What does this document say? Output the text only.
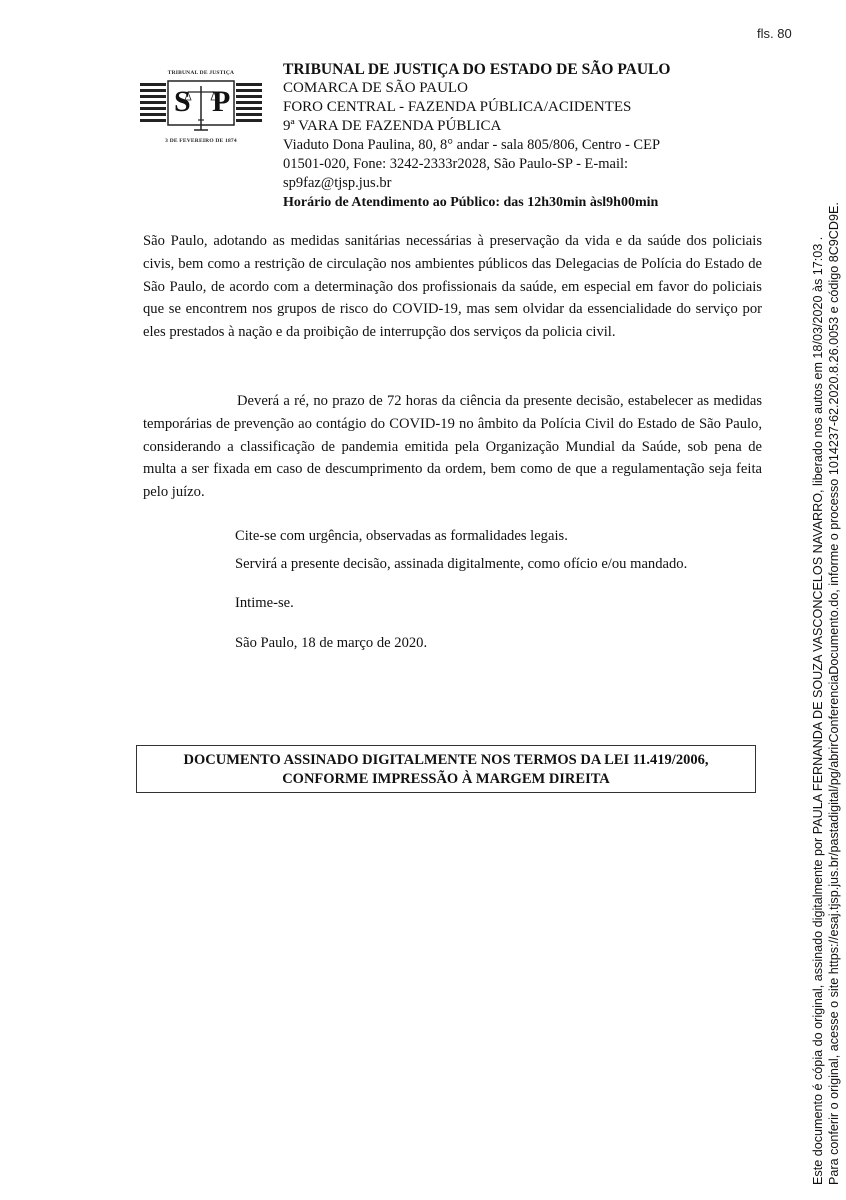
fls. 80
TRIBUNAL DE JUSTIÇA
S P
3 DE FEVEREIRO DE 1874
TRIBUNAL DE JUSTIÇA DO ESTADO DE SÃO PAULO
COMARCA DE SÃO PAULO
FORO CENTRAL - FAZENDA PÚBLICA/ACIDENTES
9ª VARA DE FAZENDA PÚBLICA
Viaduto Dona Paulina, 80, 8° andar - sala 805/806, Centro - CEP
01501-020, Fone: 3242-2333r2028, São Paulo-SP - E-mail:
sp9faz@tjsp.jus.br
Horário de Atendimento ao Público: das 12h30min àsl9h00min
São Paulo, adotando as medidas sanitárias necessárias à preservação da vida e da saúde dos policiais civis, bem como a restrição de circulação nos ambientes públicos das Delegacias de Polícia do Estado de São Paulo, de acordo com a determinação dos profissionais da saúde, em especial em favor do policiais que se encontrem nos grupos de risco do COVID-19, mas sem olvidar da essencialidade do serviço por eles prestados à nação e da proibição de interrupção dos serviços da policia civil.
Deverá a ré, no prazo de 72 horas da ciência da presente decisão, estabelecer as medidas temporárias de prevenção ao contágio do COVID-19 no âmbito da Polícia Civil do Estado de São Paulo, considerando a classificação de pandemia emitida pela Organização Mundial da Saúde, sob pena de multa a ser fixada em caso de descumprimento da ordem, bem como de que a regulamentação seja feita pelo juízo.
Cite-se com urgência, observadas as formalidades legais.
Servirá a presente decisão, assinada digitalmente, como ofício e/ou mandado.
Intime-se.
São Paulo, 18 de março de 2020.
DOCUMENTO ASSINADO DIGITALMENTE NOS TERMOS DA LEI 11.419/2006,
CONFORME IMPRESSÃO À MARGEM DIREITA	Este documento é cópia do original, assinado digitalmente por PAULA FERNANDA DE SOUZA VASCONCELOS NAVARRO, liberado nos autos em 18/03/2020 às 17:03 . Para conferir o original, acesse o site https://esaj.tjsp.jus.br/pastadigital/pg/abrirConferenciaDocumento.do, informe o processo 1014237-62.2020.8.26.0053 e código 8C9CD9E.
